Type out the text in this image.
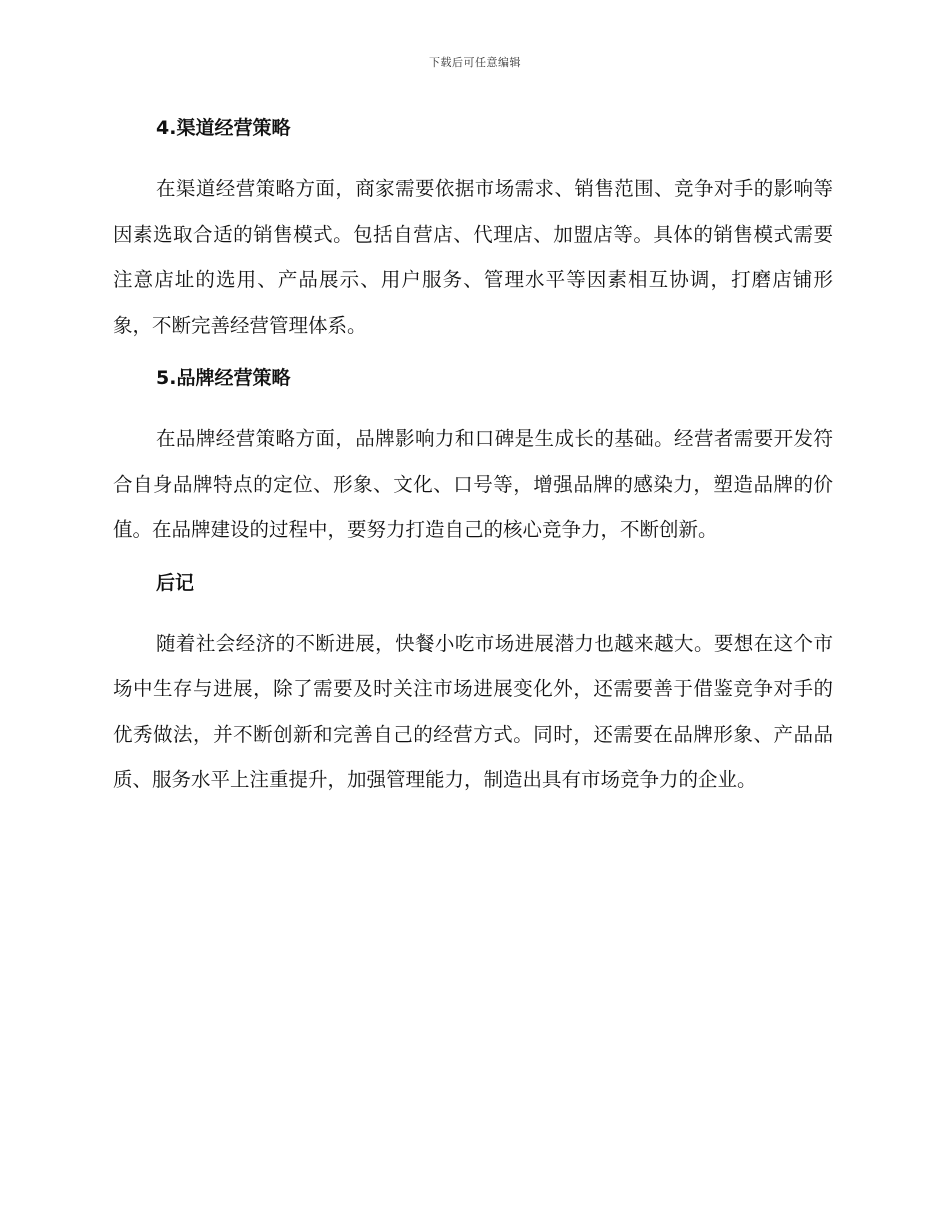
下载后可任意编辑
4.渠道经营策略

在渠道经营策略方面，商家需要依据市场需求、销售范围、竞争对手的影响等因素选取合适的销售模式。包括自营店、代理店、加盟店等。具体的销售模式需要注意店址的选用、产品展示、用户服务、管理水平等因素相互协调，打磨店铺形象，不断完善经营管理体系。

5.品牌经营策略

在品牌经营策略方面，品牌影响力和口碑是生成长的基础。经营者需要开发符合自身品牌特点的定位、形象、文化、口号等，增强品牌的感染力，塑造品牌的价值。在品牌建设的过程中，要努力打造自己的核心竞争力，不断创新。

后记

随着社会经济的不断进展，快餐小吃市场进展潜力也越来越大。要想在这个市场中生存与进展，除了需要及时关注市场进展变化外，还需要善于借鉴竞争对手的优秀做法，并不断创新和完善自己的经营方式。同时，还需要在品牌形象、产品品质、服务水平上注重提升，加强管理能力，制造出具有市场竞争力的企业。
